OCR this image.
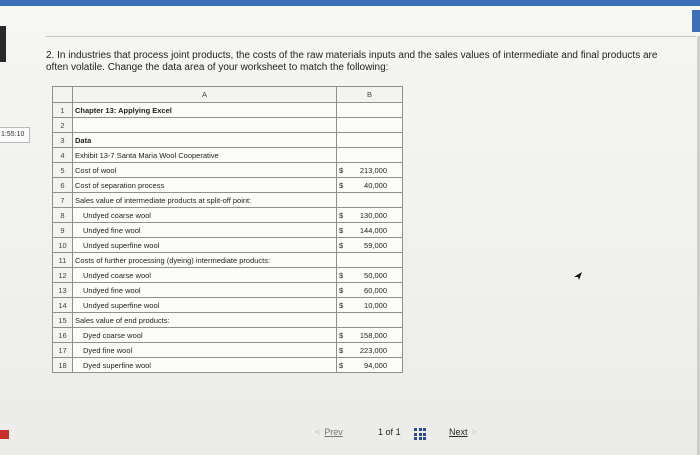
1:55:10
2. In industries that process joint products, the costs of the raw materials inputs and the sales values of intermediate and final products are often volatile. Change the data area of your worksheet to match the following:
	A	B
1	Chapter 13: Applying Excel	
2		
3	Data	
4	Exhibit 13-7 Santa Maria Wool Cooperative	
5	Cost of wool	$ 213,000
6	Cost of separation process	$ 40,000
7	Sales value of intermediate products at split-off point:	
8	Undyed coarse wool	$ 130,000
9	Undyed fine wool	$ 144,000
10	Undyed superfine wool	$ 59,000
11	Costs of further processing (dyeing) intermediate products:	
12	Undyed coarse wool	$ 50,000
13	Undyed fine wool	$ 60,000
14	Undyed superfine wool	$ 10,000
15	Sales value of end products:	
16	Dyed coarse wool	$ 158,000
17	Dyed fine wool	$ 223,000
18	Dyed superfine wool	$ 94,000
< Prev	1 of 1	Next >
